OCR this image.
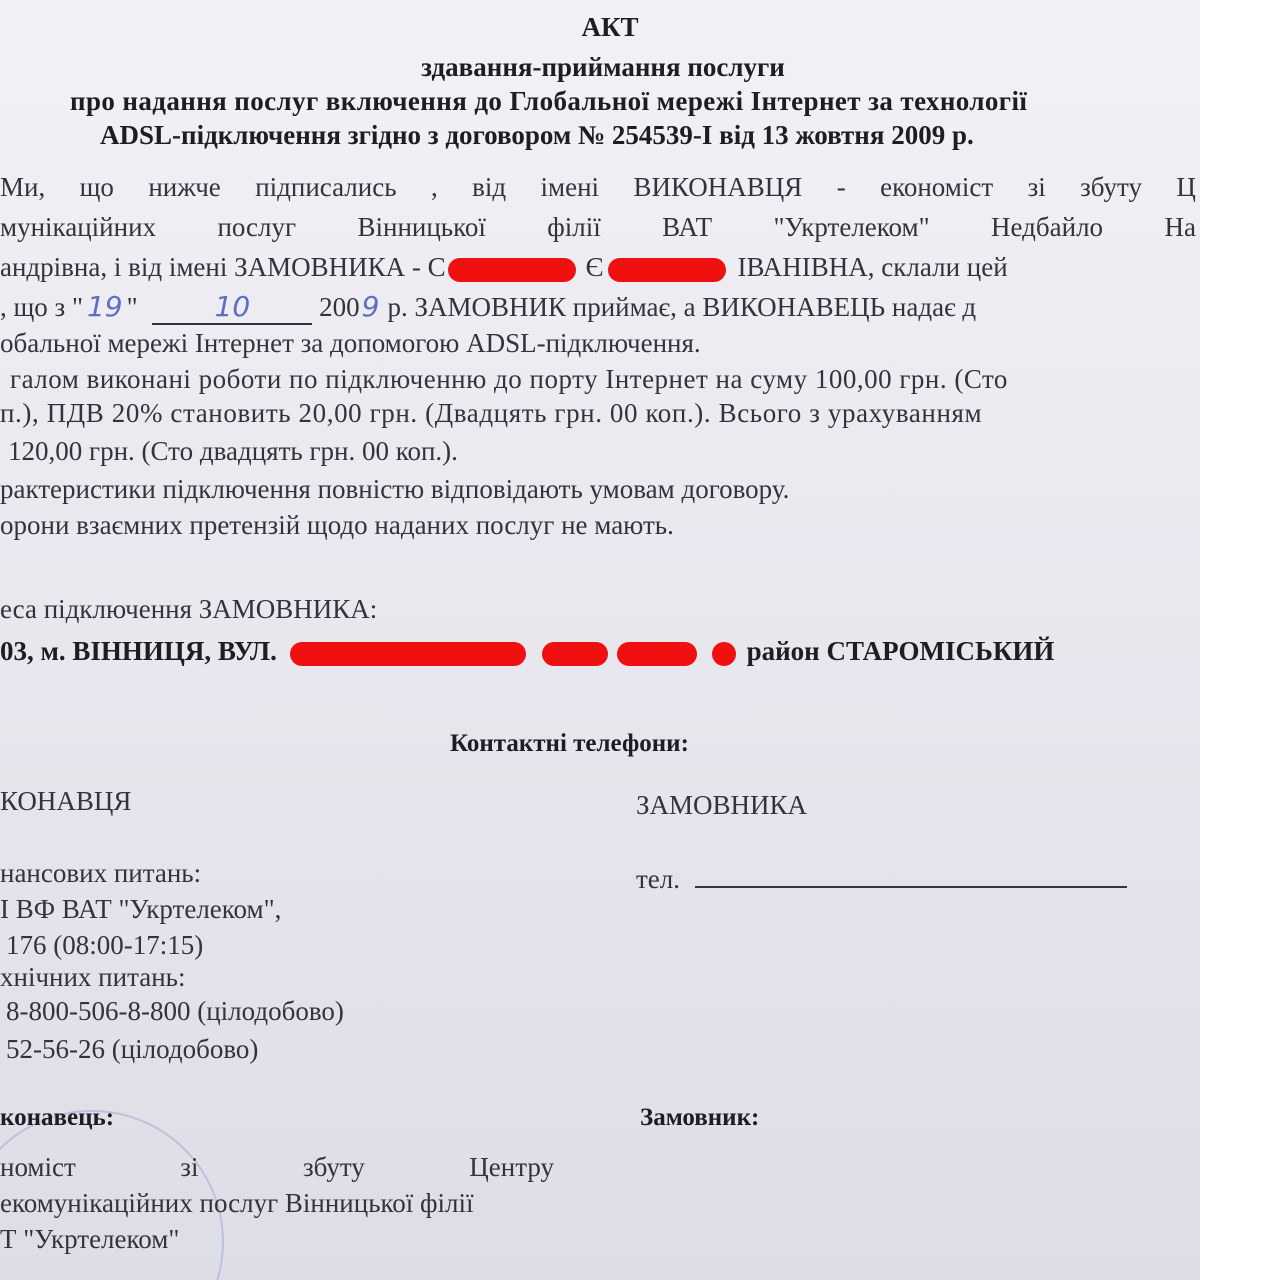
АКТ
здавання-приймання послуги
про надання послуг включення до Глобальної мережі Інтернет за технології
ADSL-підключення згідно з договором № 254539-І від 13 жовтня 2009 р.
Ми, що нижче підписались , від імені ВИКОНАВЦЯ - економіст зі збуту Ц
мунікаційних послуг Вінницької філії ВАТ "Укртелеком" Недбайло На
андрівна, і від імені ЗАМОВНИКА - С	Є	ІВАНІВНА, склали цей
, що з " 19 "	10	2009 р. ЗАМОВНИК приймає, а ВИКОНАВЕЦЬ надає д
обальної мережі Інтернет за допомогою ADSL-підключення.
галом виконані роботи по підключенню до порту Інтернет на суму 100,00 грн. (Сто
п.), ПДВ 20% становить 20,00 грн. (Двадцять грн. 00 коп.). Всього з урахуванням
120,00 грн. (Сто двадцять грн. 00 коп.).
рактеристики підключення повністю відповідають умовам договору.
орони взаємних претензій щодо наданих послуг не мають.
еса підключення ЗАМОВНИКА:
03, м. ВІННИЦЯ, ВУЛ.	район СТАРОМІСЬКИЙ
Контактні телефони:
КОНАВЦЯ	ЗАМОВНИКА
нансових питань:
І ВФ ВАТ "Укртелеком",
176 (08:00-17:15)
хнічних питань:
8-800-506-8-800 (цілодобово)
52-56-26 (цілодобово)
тел.
конавець:	Замовник:
номіст	зі	збуту	Центру
екомунікаційних послуг Вінницької філії
Т "Укртелеком"
